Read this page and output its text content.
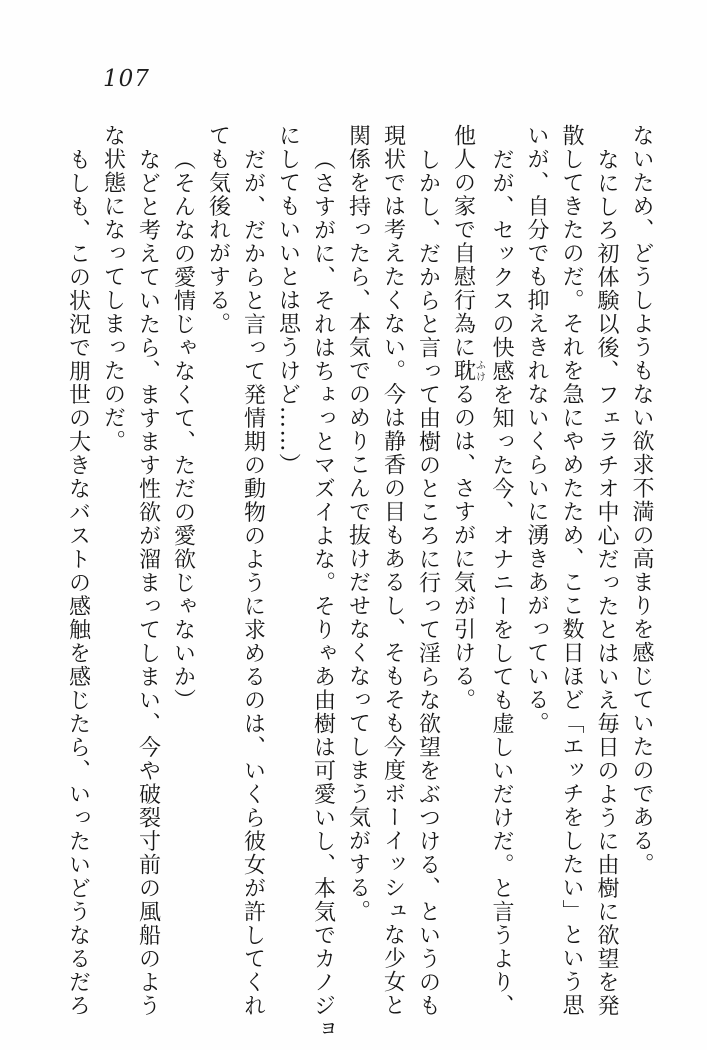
107
ないため、どうしようもない欲求不満の高まりを感じていたのである。
なにしろ初体験以後、フェラチオ中心だったとはいえ毎日のように由樹に欲望を発
散してきたのだ。それを急にやめたため、ここ数日ほど「エッチをしたい」という思
いが、自分でも抑えきれないくらいに湧きあがっている。
だが、セックスの快感を知った今、オナニーをしても虚しいだけだ。と言うより、
他人の家で自慰行為に耽ふけるのは、さすがに気が引ける。
しかし、だからと言って由樹のところに行って淫らな欲望をぶつける、というのも
現状では考えたくない。今は静香の目もあるし、そもそも今度ボーイッシュな少女と
関係を持ったら、本気でのめりこんで抜けだせなくなってしまう気がする。
（さすがに、それはちょっとマズイよな。そりゃあ由樹は可愛いし、本気でカノジョ
にしてもいいとは思うけど……）
だが、だからと言って発情期の動物のように求めるのは、いくら彼女が許してくれ
ても気後れがする。
（そんなの愛情じゃなくて、ただの愛欲じゃないか）
などと考えていたら、ますます性欲が溜まってしまい、今や破裂寸前の風船のよう
な状態になってしまったのだ。
もしも、この状況で朋世の大きなバストの感触を感じたら、いったいどうなるだろ
